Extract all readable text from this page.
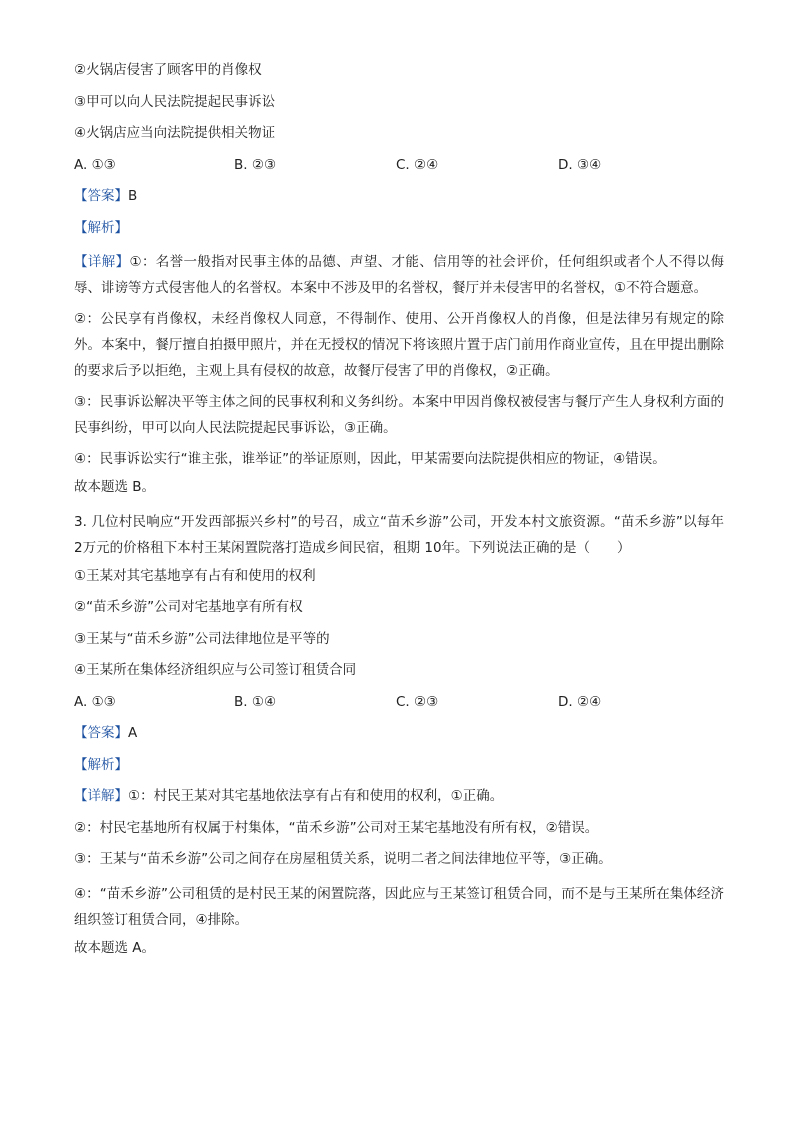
②火锅店侵害了顾客甲的肖像权
③甲可以向人民法院提起民事诉讼
④火锅店应当向法院提供相关物证
A. ①③	B. ②③	C. ②④	D. ③④
【答案】B
【解析】
【详解】①：名誉一般指对民事主体的品德、声望、才能、信用等的社会评价，任何组织或者个人不得以侮辱、诽谤等方式侵害他人的名誉权。本案中不涉及甲的名誉权，餐厅并未侵害甲的名誉权，①不符合题意。
②：公民享有肖像权，未经肖像权人同意，不得制作、使用、公开肖像权人的肖像，但是法律另有规定的除外。本案中，餐厅擅自拍摄甲照片，并在无授权的情况下将该照片置于店门前用作商业宣传，且在甲提出删除的要求后予以拒绝，主观上具有侵权的故意，故餐厅侵害了甲的肖像权，②正确。
③：民事诉讼解决平等主体之间的民事权利和义务纠纷。本案中甲因肖像权被侵害与餐厅产生人身权利方面的民事纠纷，甲可以向人民法院提起民事诉讼，③正确。
④：民事诉讼实行“谁主张，谁举证”的举证原则，因此，甲某需要向法院提供相应的物证，④错误。
故本题选 B。
3. 几位村民响应“开发西部振兴乡村”的号召，成立“苗禾乡游”公司，开发本村文旅资源。“苗禾乡游”以每年 2万元的价格租下本村王某闲置院落打造成乡间民宿，租期 10年。下列说法正确的是（　　）
①王某对其宅基地享有占有和使用的权利
②“苗禾乡游”公司对宅基地享有所有权
③王某与“苗禾乡游”公司法律地位是平等的
④王某所在集体经济组织应与公司签订租赁合同
A. ①③	B. ①④	C. ②③	D. ②④
【答案】A
【解析】
【详解】①：村民王某对其宅基地依法享有占有和使用的权利，①正确。
②：村民宅基地所有权属于村集体，“苗禾乡游”公司对王某宅基地没有所有权，②错误。
③：王某与“苗禾乡游”公司之间存在房屋租赁关系，说明二者之间法律地位平等，③正确。
④：“苗禾乡游”公司租赁的是村民王某的闲置院落，因此应与王某签订租赁合同，而不是与王某所在集体经济组织签订租赁合同，④排除。
故本题选 A。
